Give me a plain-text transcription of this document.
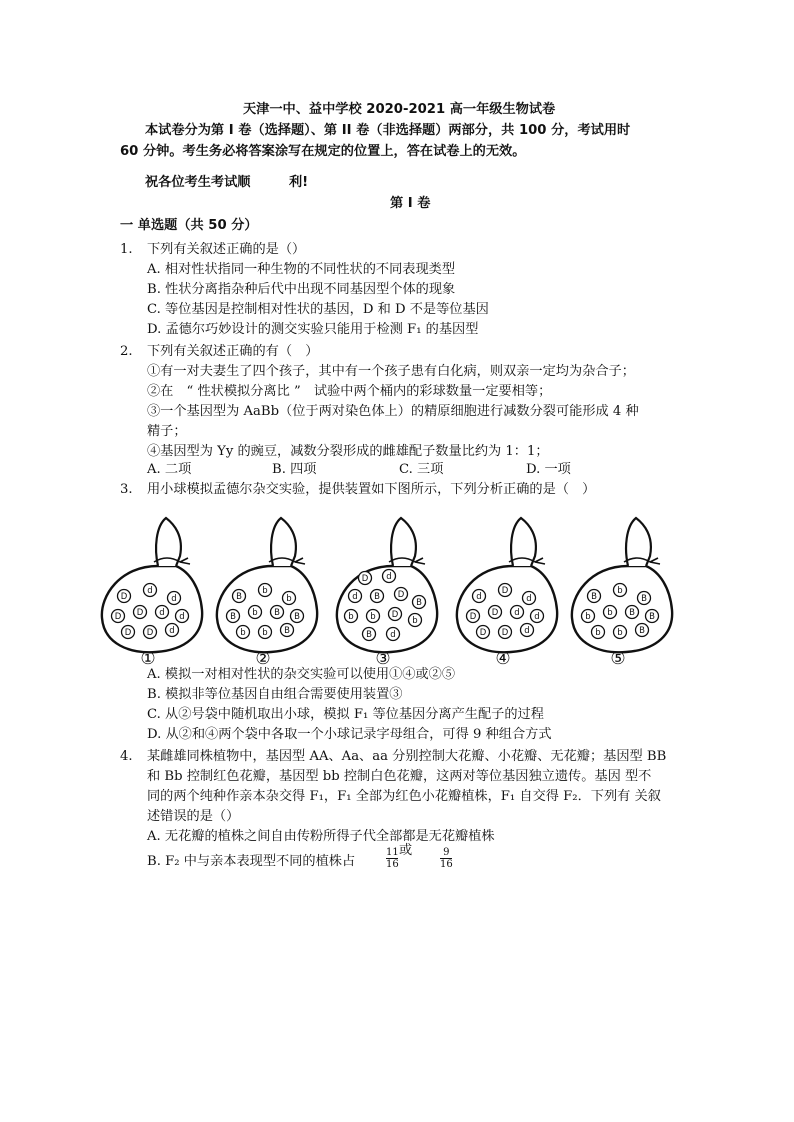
天津一中、益中学校 2020-2021 高一年级生物试卷
本试卷分为第 I 卷（选择题）、第 II 卷（非选择题）两部分，共 100 分，考试用时
60 分钟。考生务必将答案涂写在规定的位置上，答在试卷上的无效。
祝各位考生考试顺	利!
第 I 卷
一 单选题（共 50 分）
1. 下列有关叙述正确的是（）
A. 相对性状指同一种生物的不同性状的不同表现类型
B. 性状分离指杂种后代中出现不同基因型个体的现象
C. 等位基因是控制相对性状的基因，D 和 D 不是等位基因
D. 孟德尔巧妙设计的测交实验只能用于检测 F₁ 的基因型
2. 下列有关叙述正确的有（　）
①有一对夫妻生了四个孩子，其中有一个孩子患有白化病，则双亲一定均为杂合子；
②在　“ 性状模拟分离比 ”　试验中两个桶内的彩球数量一定要相等；
③一个基因型为 AaBb（位于两对染色体上）的精原细胞进行减数分裂可能形成 4 种
精子；
④基因型为 Yy 的豌豆，减数分裂形成的雌雄配子数量比约为 1：1；
A. 二项	B. 四项	C. 三项	D. 一项
3. 用小球模拟孟德尔杂交实验，提供装置如下图所示，下列分析正确的是（　）
D
d
d
D D d d
D D d
①
B
b
b
B b B B
b b B
②
D d
d B D
B
b b D
b
B d
③
d
D
d
D D d d
D D d
④
B
b
B
b b B B
b b B
⑤
A. 模拟一对相对性状的杂交实验可以使用①④或②⑤
B. 模拟非等位基因自由组合需要使用装置③
C. 从②号袋中随机取出小球，模拟 F₁ 等位基因分离产生配子的过程
D. 从②和④两个袋中各取一个小球记录字母组合，可得 9 种组合方式
4. 某雌雄同株植物中，基因型 AA、Aa、aa 分别控制大花瓣、小花瓣、无花瓣；基因型 BB
和 Bb 控制红色花瓣，基因型 bb 控制白色花瓣，这两对等位基因独立遗传。基因 型不
同的两个纯种作亲本杂交得 F₁，F₁ 全部为红色小花瓣植株，F₁ 自交得 F₂．下列有 关叙
述错误的是（）
A. 无花瓣的植株之间自由传粉所得子代全部都是无花瓣植株
B. F₂ 中与亲本表现型不同的植株占
11
16
或	9
16
